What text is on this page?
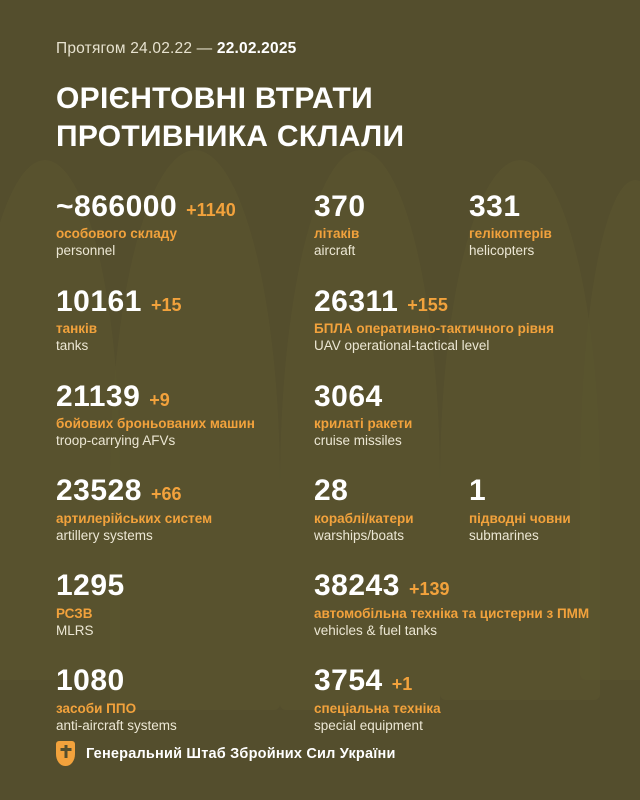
Протягом 24.02.22 — 22.02.2025
ОРІЄНТОВНІ ВТРАТИ
ПРОТИВНИКА СКЛАЛИ
~866000 +1140
особового складу
personnel
10161 +15
танків
tanks
21139 +9
бойових броньованих машин
troop-carrying AFVs
23528 +66
артилерійських систем
artillery systems
1295
РСЗВ
MLRS
1080
засоби ППО
anti-aircraft systems
370
літаків
aircraft
331
гелікоптерів
helicopters
26311 +155
БПЛА оперативно-тактичного рівня
UAV operational-tactical level
3064
крилаті ракети
cruise missiles
28
кораблі/катери
warships/boats
1
підводні човни
submarines
38243 +139
автомобільна техніка та цистерни з ПММ
vehicles & fuel tanks
3754 +1
спеціальна техніка
special equipment
Генеральний Штаб Збройних Сил України
